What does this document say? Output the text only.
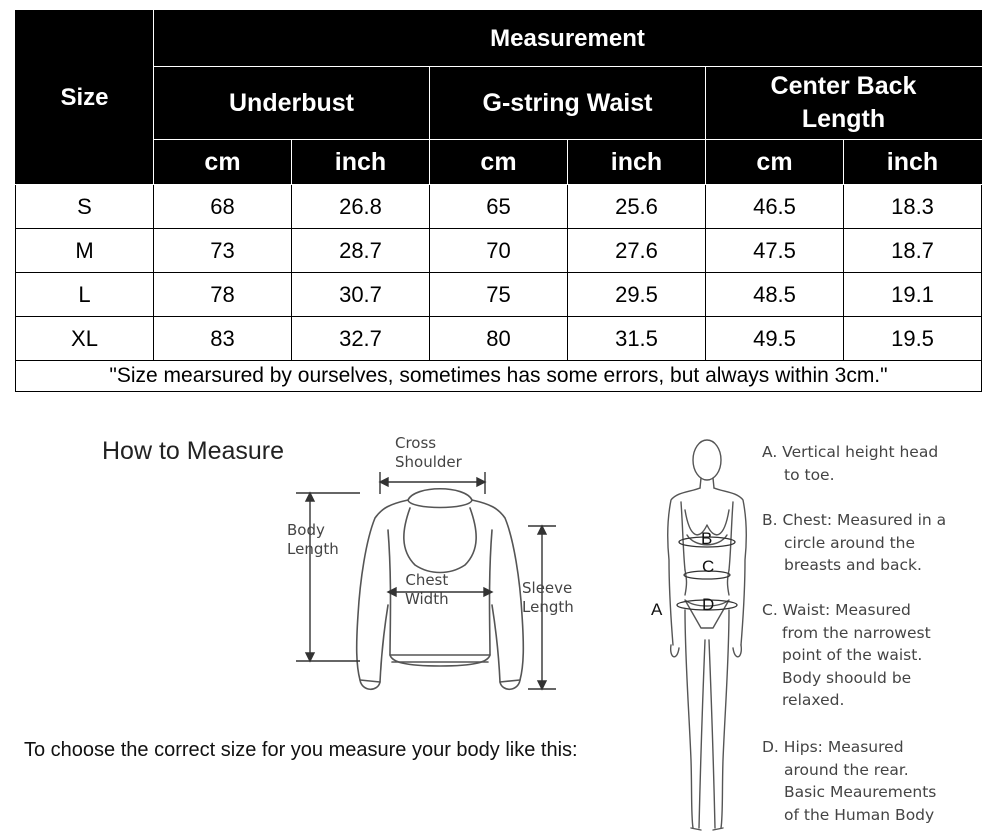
Size	Measurement					
	Underbust		G-string Waist		Center Back
Length	
	cm	inch	cm	inch	cm	inch
S	68	26.8	65	25.6	46.5	18.3
M	73	28.7	70	27.6	47.5	18.7
L	78	30.7	75	29.5	48.5	19.1
XL	83	32.7	80	31.5	49.5	19.5
"Size mearsured by ourselves, sometimes has some errors, but always within 3cm."						
How to Measure	Cross
Shoulder
Body
Length
Chest
Width
Sleeve
Length
To choose the correct size for you measure your body like this:
A
B
C
D
A. Vertical height head
to toe.
B. Chest: Measured in a
circle around the
breasts and back.
C. Waist: Measured
from the narrowest
point of the waist.
Body shoould be
relaxed.
D. Hips: Measured
around the rear.
Basic Meaurements
of the Human Body
